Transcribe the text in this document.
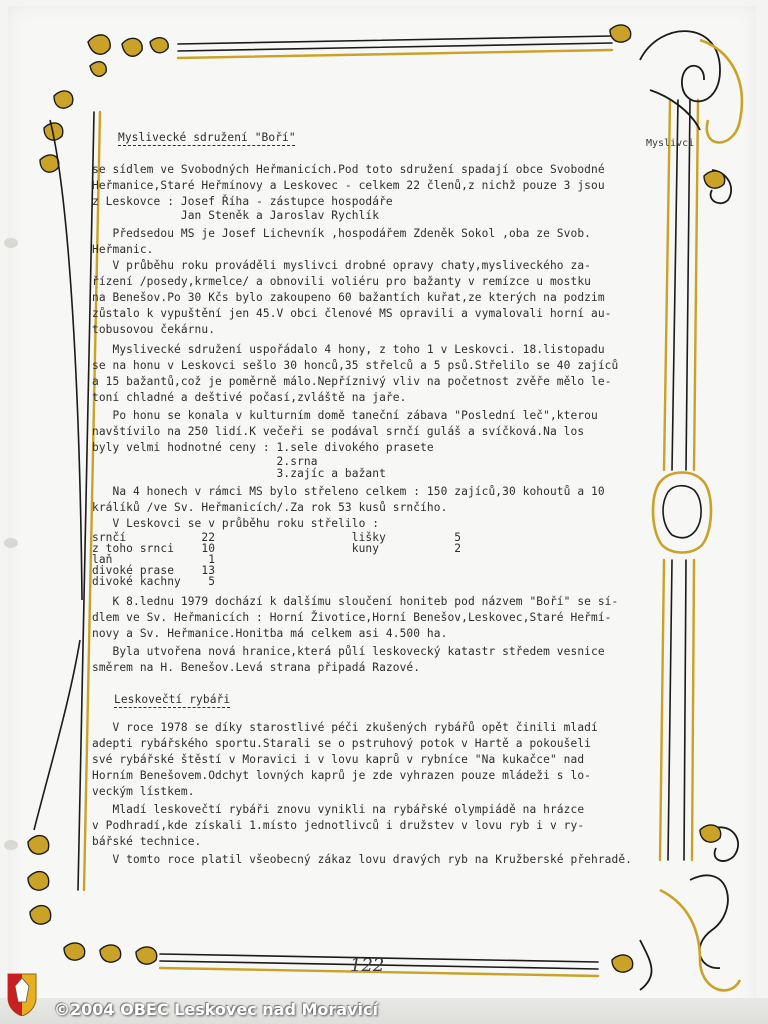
Myslivci
Myslivecké sdružení "Boří"
se sídlem ve Svobodných Heřmanicích.Pod toto sdružení spadají obce Svobodné
Heřmanice,Staré Heřmínovy a Leskovec - celkem 22 členů,z nichž pouze 3 jsou
z Leskovce : Josef Říha - zástupce hospodáře
Jan Steněk a Jaroslav Rychlík
Předsedou MS je Josef Lichevník ,hospodářem Zdeněk Sokol ,oba ze Svob.
Heřmanic.
V průběhu roku prováděli myslivci drobné opravy chaty,mysliveckého za-
řízení /posedy,krmelce/ a obnovili voliéru pro bažanty v remízce u mostku
na Benešov.Po 30 Kčs bylo zakoupeno 60 bažantích kuřat,ze kterých na podzim
zůstalo k vypuštění jen 45.V obci členové MS opravili a vymalovali horní au-
tobusovou čekárnu.
Myslivecké sdružení uspořádalo 4 hony, z toho 1 v Leskovci. 18.listopadu
se na honu v Leskovci sešlo 30 honců,35 střelců a 5 psů.Střelilo se 40 zajíců
a 15 bažantů,což je poměrně málo.Nepříznivý vliv na početnost zvěře mělo le-
toní chladné a deštivé počasí,zvláště na jaře.
Po honu se konala v kulturním domě taneční zábava "Poslední leč",kterou
navštívilo na 250 lidí.K večeři se podával srnčí guláš a svíčková.Na los
byly velmi hodnotné ceny : 1.sele divokého prasete
2.srna
3.zajíc a bažant
Na 4 honech v rámci MS bylo střeleno celkem : 150 zajíců,30 kohoutů a 10
králíků /ve Sv. Heřmanicích/.Za rok 53 kusů srnčího.
V Leskovci se v průběhu roku střelilo :
srnčí           22                    lišky          5
z toho srnci    10                    kuny           2
laň              1
divoké prase    13
divoké kachny    5
K 8.lednu 1979 dochází k dalšímu sloučení honiteb pod názvem "Boří" se sí-
dlem ve Sv. Heřmanicích : Horní Životice,Horní Benešov,Leskovec,Staré Heřmí-
novy a Sv. Heřmanice.Honitba má celkem asi 4.500 ha.
Byla utvořena nová hranice,která půlí leskovecký katastr středem vesnice
směrem na H. Benešov.Levá strana připadá Razové.
Leskovečtí rybáři
V roce 1978 se díky starostlivé péči zkušených rybářů opět činili mladí
adepti rybářského sportu.Starali se o pstruhový potok v Hartě a pokoušeli
své rybářské štěstí v Moravici i v lovu kaprů v rybníce "Na kukačce" nad
Horním Benešovem.Odchyt lovných kaprů je zde vyhrazen pouze mládeži s lo-
veckým lístkem.
Mladí leskovečtí rybáři znovu vynikli na rybářské olympiádě na hrázce
v Podhradí,kde získali 1.místo jednotlivců i družstev v lovu ryb i v ry-
bářské technice.
V tomto roce platil všeobecný zákaz lovu dravých ryb na Kružberské přehradě.
122
©2004 OBEC Leskovec nad Moravicí
